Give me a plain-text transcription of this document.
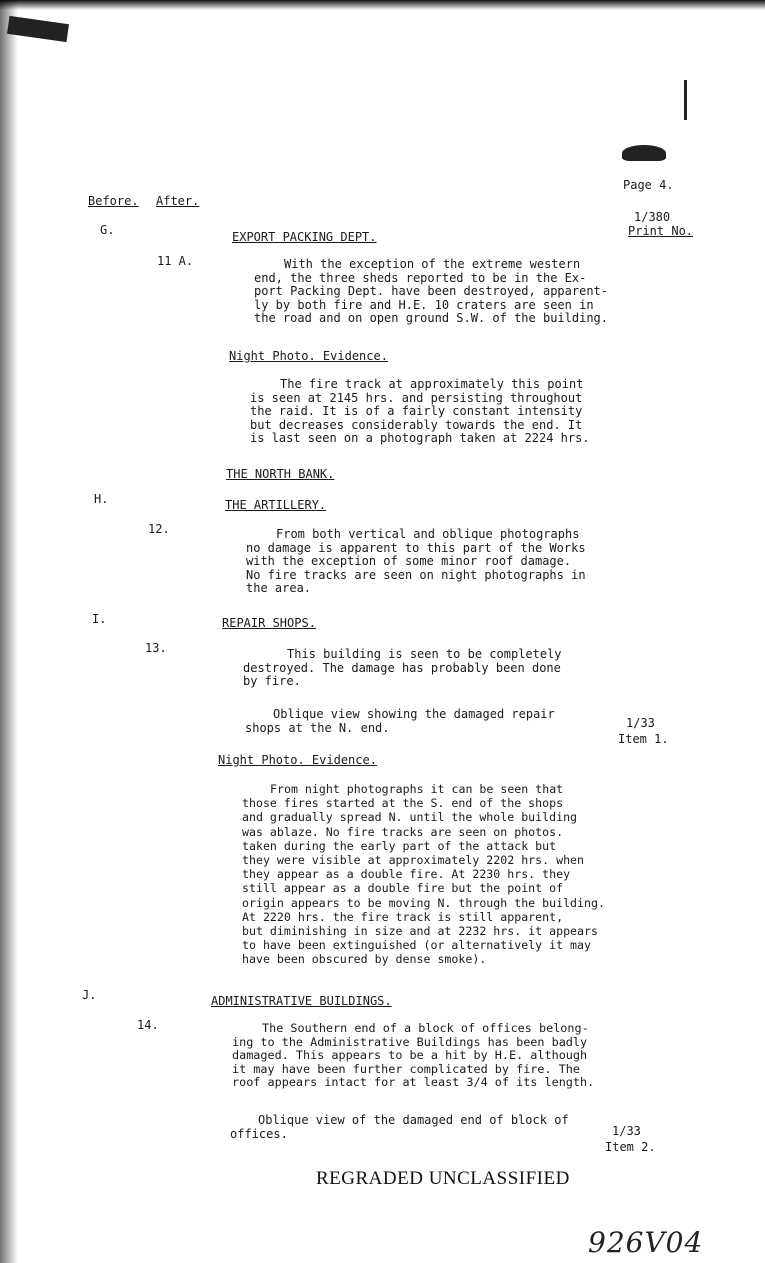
Before. After.
Page 4.
1/380
Print No.
G.	EXPORT PACKING DEPT.
11 A.	With the exception of the extreme western
end, the three sheds reported to be in the Ex-
port Packing Dept. have been destroyed, apparent-
ly by both fire and H.E. 10 craters are seen in
the road and on open ground S.W. of the building.
Night Photo. Evidence.
The fire track at approximately this point
is seen at 2145 hrs. and persisting throughout
the raid. It is of a fairly constant intensity
but decreases considerably towards the end. It
is last seen on a photograph taken at 2224 hrs.
THE NORTH BANK.
H.	THE ARTILLERY.
12.	From both vertical and oblique photographs
no damage is apparent to this part of the Works
with the exception of some minor roof damage.
No fire tracks are seen on night photographs in
the area.
I.	REPAIR SHOPS.
13.	This building is seen to be completely
destroyed. The damage has probably been done
by fire.
Oblique view showing the damaged repair
shops at the N. end.	1/33
Item 1.
Night Photo. Evidence.
From night photographs it can be seen that
those fires started at the S. end of the shops
and gradually spread N. until the whole building
was ablaze. No fire tracks are seen on photos.
taken during the early part of the attack but
they were visible at approximately 2202 hrs. when
they appear as a double fire. At 2230 hrs. they
still appear as a double fire but the point of
origin appears to be moving N. through the building.
At 2220 hrs. the fire track is still apparent,
but diminishing in size and at 2232 hrs. it appears
to have been extinguished (or alternatively it may
have been obscured by dense smoke).
J.	ADMINISTRATIVE BUILDINGS.
14.	The Southern end of a block of offices belong-
ing to the Administrative Buildings has been badly
damaged. This appears to be a hit by H.E. although
it may have been further complicated by fire. The
roof appears intact for at least 3/4 of its length.
Oblique view of the damaged end of block of
offices.	1/33
Item 2.
REGRADED UNCLASSIFIED
926V04
